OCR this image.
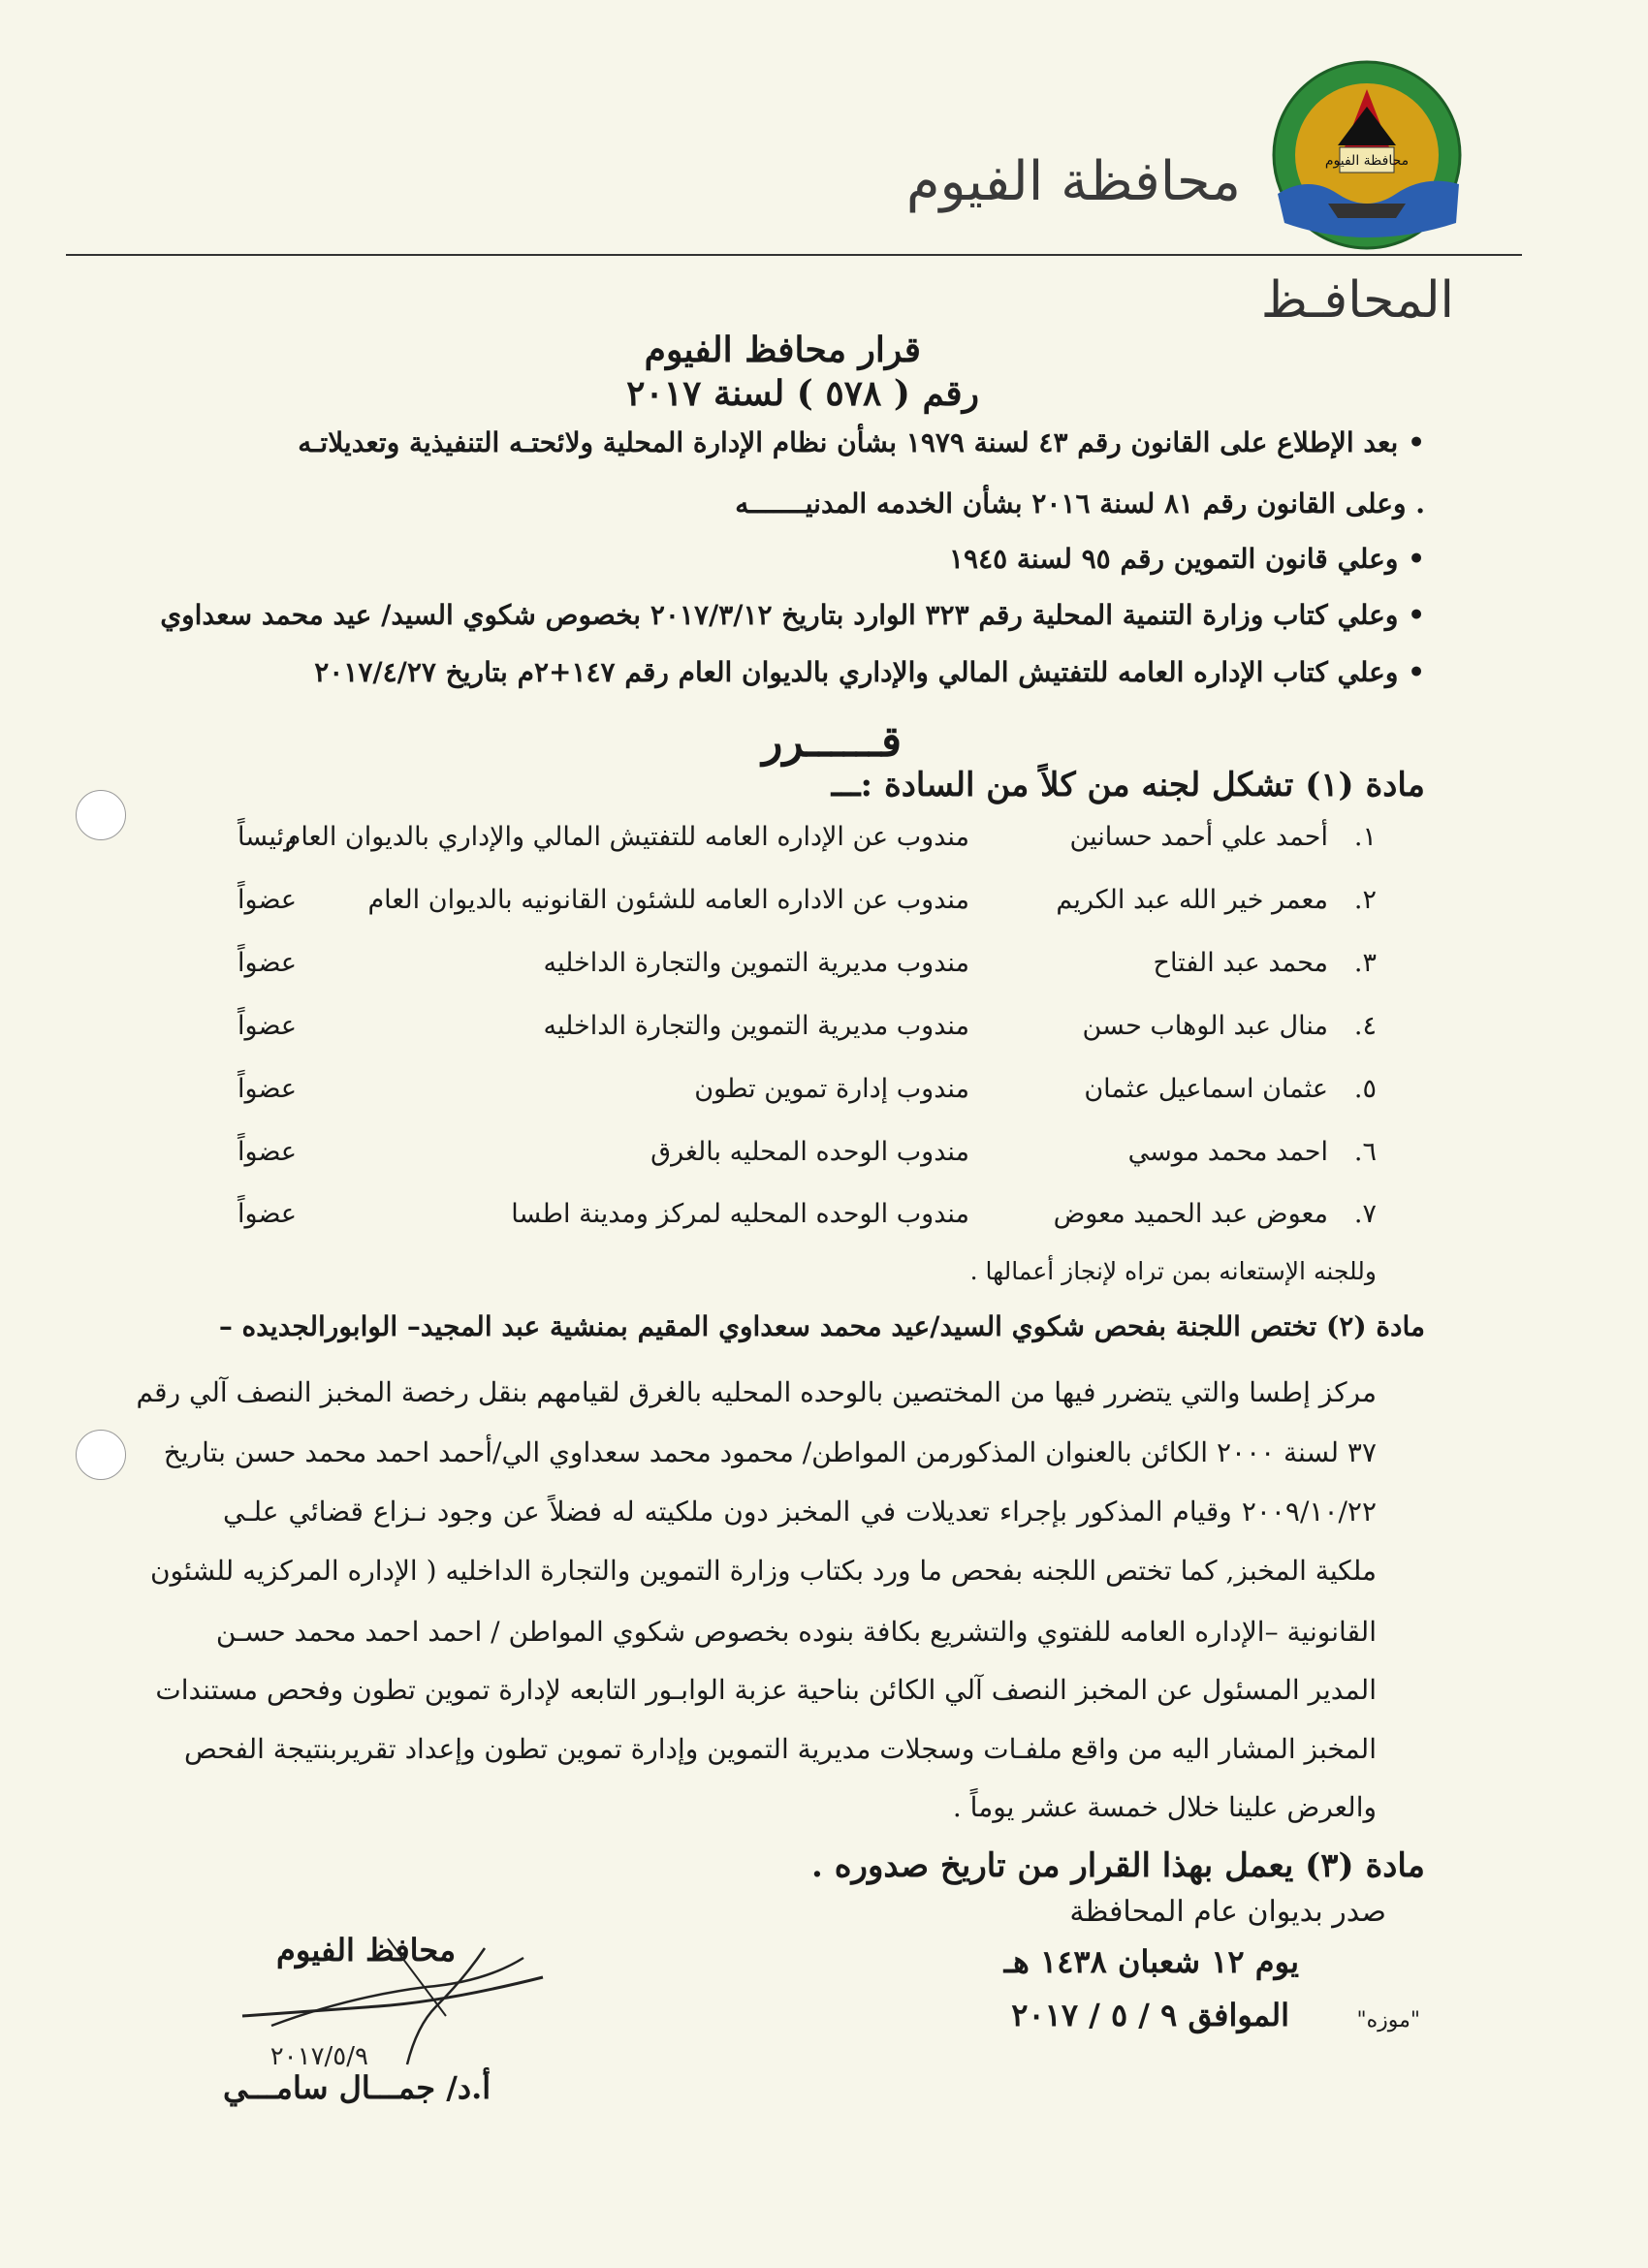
محافظة الفيوم
محافظة الفيوم
المحافـظ
قرار محافظ الفيوم
رقم ( ٥٧٨ ) لسنة ٢٠١٧
• بعد الإطلاع على القانون رقم ٤٣ لسنة ١٩٧٩ بشأن نظام الإدارة المحلية ولائحتـه التنفيذية وتعديلاتـه
. وعلى القانون رقم ٨١ لسنة ٢٠١٦ بشأن الخدمه المدنيـــــــه
• وعلي قانون التموين رقم ٩٥ لسنة ١٩٤٥
• وعلي كتاب وزارة التنمية المحلية رقم ٣٢٣ الوارد بتاريخ ٢٠١٧/٣/١٢ بخصوص شكوي السيد/ عيد محمد سعداوي
• وعلي كتاب الإداره العامه للتفتيش المالي والإداري بالديوان العام رقم ١٤٧+٢م بتاريخ ٢٠١٧/٤/٢٧
قــــــرر
مادة (١) تشكل لجنه من كلاً من السادة :ـــ
١.
أحمد علي أحمد حسانين
مندوب عن الإداره العامه للتفتيش المالي والإداري بالديوان العام
رئيساً
٢.
معمر خير الله عبد الكريم
مندوب عن الاداره العامه للشئون القانونيه بالديوان العام
عضواً
٣.
محمد عبد الفتاح
مندوب مديرية التموين والتجارة الداخليه
عضواً
٤.
منال عبد الوهاب حسن
مندوب مديرية التموين والتجارة الداخليه
عضواً
٥.
عثمان اسماعيل عثمان
مندوب إدارة تموين تطون
عضواً
٦.
احمد محمد موسي
مندوب الوحده المحليه بالغرق
عضواً
٧.
معوض عبد الحميد معوض
مندوب الوحده المحليه لمركز ومدينة اطسا
عضواً
وللجنه الإستعانه بمن تراه لإنجاز أعمالها .
مادة (٢) تختص اللجنة بفحص شكوي السيد/عيد محمد سعداوي المقيم بمنشية عبد المجيد– الوابورالجديده –
مركز إطسا والتي يتضرر فيها من المختصين بالوحده المحليه بالغرق لقيامهم بنقل رخصة المخبز النصف آلي رقم
٣٧ لسنة ٢٠٠٠ الكائن بالعنوان المذكورمن المواطن/ محمود محمد سعداوي الي/أحمد احمد محمد حسن بتاريخ
٢٠٠٩/١٠/٢٢ وقيام المذكور بإجراء تعديلات في المخبز دون ملكيته له فضلاً عن وجود نـزاع قضائي علـي
ملكية المخبز, كما تختص اللجنه بفحص ما ورد بكتاب وزارة التموين والتجارة الداخليه ( الإداره المركزيه للشئون
القانونية –الإداره العامه للفتوي والتشريع بكافة بنوده بخصوص شكوي المواطن / احمد احمد محمد حسـن
المدير المسئول عن المخبز النصف آلي الكائن بناحية عزبة الوابـور التابعه لإدارة تموين تطون وفحص مستندات
المخبز المشار اليه من واقع ملفـات وسجلات مديرية التموين وإدارة تموين تطون وإعداد تقريربنتيجة الفحص
والعرض علينا خلال خمسة عشر يوماً .
مادة (٣) يعمل بهذا القرار من تاريخ صدوره .
صدر بديوان عام المحافظة
يوم ١٢ شعبان ١٤٣٨ هـ
الموافق ٩ / ٥ / ٢٠١٧	"موزه"
محافظ الفيوم
٢٠١٧/٥/٩
أ.د/ جمـــال سامـــي
